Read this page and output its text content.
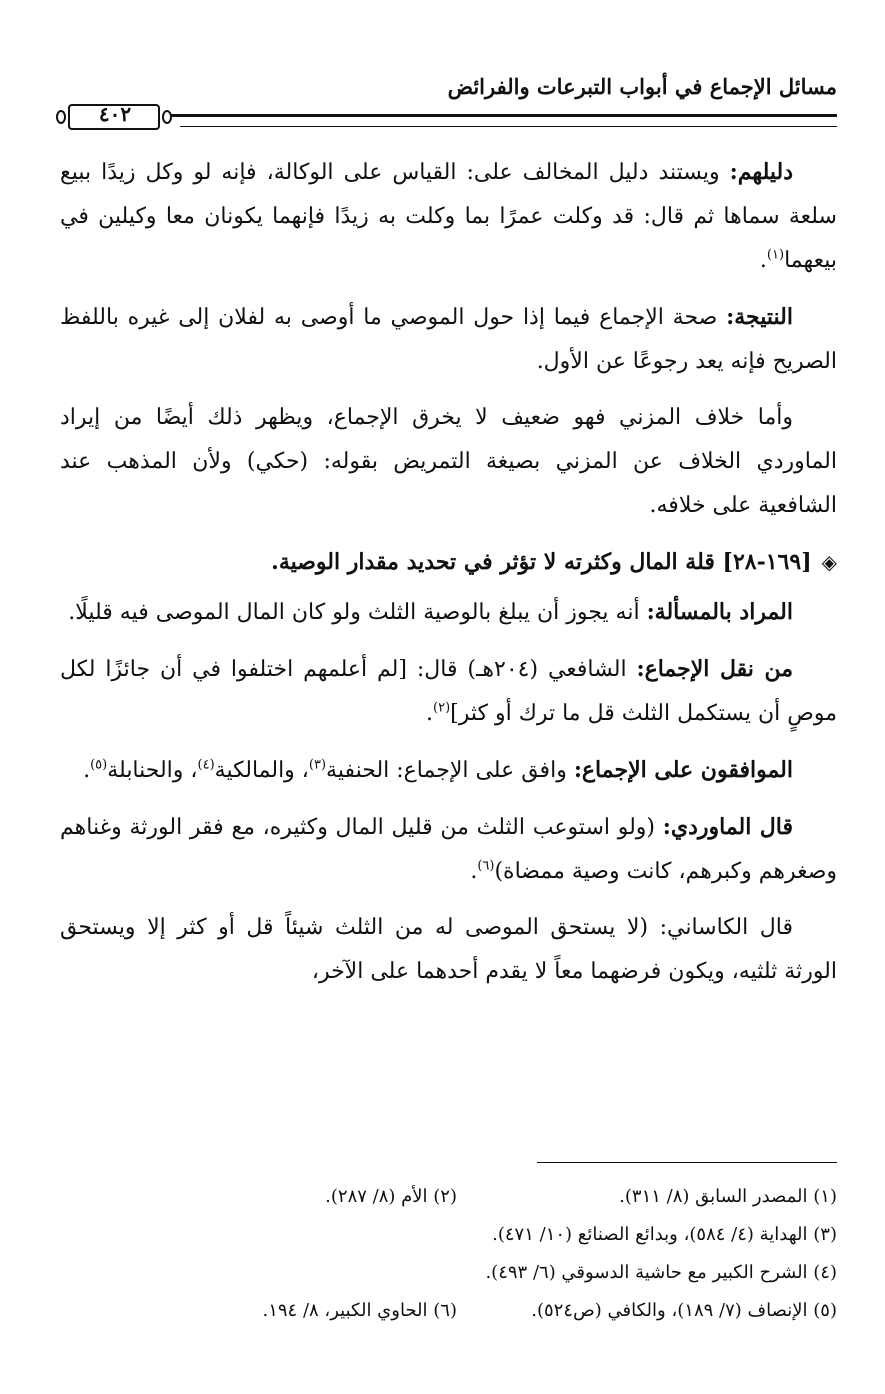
مسائل الإجماع في أبواب التبرعات والفرائض
٤٠٢

دليلهم: ويستند دليل المخالف على: القياس على الوكالة، فإنه لو وكل زيدًا ببيع سلعة سماها ثم قال: قد وكلت عمرًا بما وكلت به زيدًا فإنهما يكونان معا وكيلين في بيعهما$^{(١)}$.

النتيجة: صحة الإجماع فيما إذا حول الموصي ما أوصى به لفلان إلى غيره باللفظ الصريح فإنه يعد رجوعًا عن الأول.

وأما خلاف المزني فهو ضعيف لا يخرق الإجماع، ويظهر ذلك أيضًا من إيراد الماوردي الخلاف عن المزني بصيغة التمريض بقوله: (حكي) ولأن المذهب عند الشافعية على خلافه.

◈[١٦٩-٢٨] قلة المال وكثرته لا تؤثر في تحديد مقدار الوصية.

المراد بالمسألة: أنه يجوز أن يبلغ بالوصية الثلث ولو كان المال الموصى فيه قليلًا.

من نقل الإجماع: الشافعي (٢٠٤هـ) قال: [لم أعلمهم اختلفوا في أن جائزًا لكل موصٍ أن يستكمل الثلث قل ما ترك أو كثر]$^{(٢)}$.

الموافقون على الإجماع: وافق على الإجماع: الحنفية$^{(٣)}$، والمالكية$^{(٤)}$، والحنابلة$^{(٥)}$.

قال الماوردي: (ولو استوعب الثلث من قليل المال وكثيره، مع فقر الورثة وغناهم وصغرهم وكبرهم، كانت وصية ممضاة)$^{(٦)}$.

قال الكاساني: (لا يستحق الموصى له من الثلث شيئاً قل أو كثر إلا ويستحق الورثة ثلثيه، ويكون فرضهما معاً لا يقدم أحدهما على الآخر،

(١) المصدر السابق (٨/ ٣١١).
(٢) الأم (٨/ ٢٨٧).
(٣) الهداية (٤/ ٥٨٤)، وبدائع الصنائع (١٠/ ٤٧١).
(٤) الشرح الكبير مع حاشية الدسوقي (٦/ ٤٩٣).
(٥) الإنصاف (٧/ ١٨٩)، والكافي (ص٥٢٤).
(٦) الحاوي الكبير، ٨/ ١٩٤.
